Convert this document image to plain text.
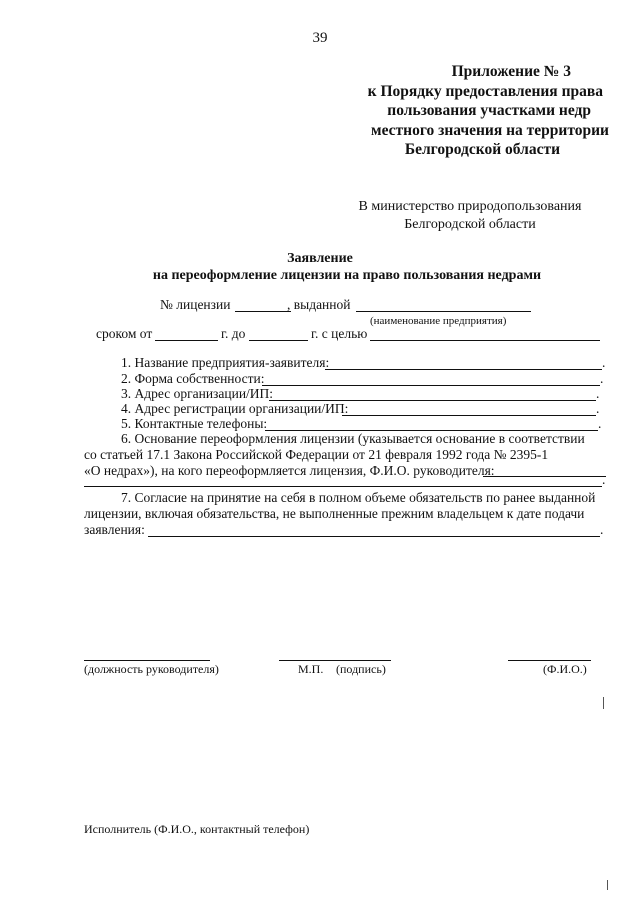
39
Приложение № 3
к Порядку предоставления права
пользования участками недр
местного значения на территории
Белгородской области
В министерство природопользования
Белгородской области
Заявление
на переоформление лицензии на право пользования недрами
№ лицензии	, выданной
(наименование предприятия)
сроком от	г. до	г. с целью
1. Название предприятия-заявителя:	.
2. Форма собственности:	.
3. Адрес организации/ИП:	.
4. Адрес регистрации организации/ИП:	.
5. Контактные телефоны:	.
6. Основание переоформления лицензии (указывается основание в соответствии
со статьей 17.1 Закона Российской Федерации от 21 февраля 1992 года № 2395-1
«О недрах»), на кого переоформляется лицензия, Ф.И.О. руководителя:
.
7. Согласие на принятие на себя в полном объеме обязательств по ранее выданной
лицензии, включая обязательства, не выполненные прежним владельцем к дате подачи
заявления:	.
(должность руководителя)	М.П. (подпись)	(Ф.И.О.)
Исполнитель (Ф.И.О., контактный телефон)
